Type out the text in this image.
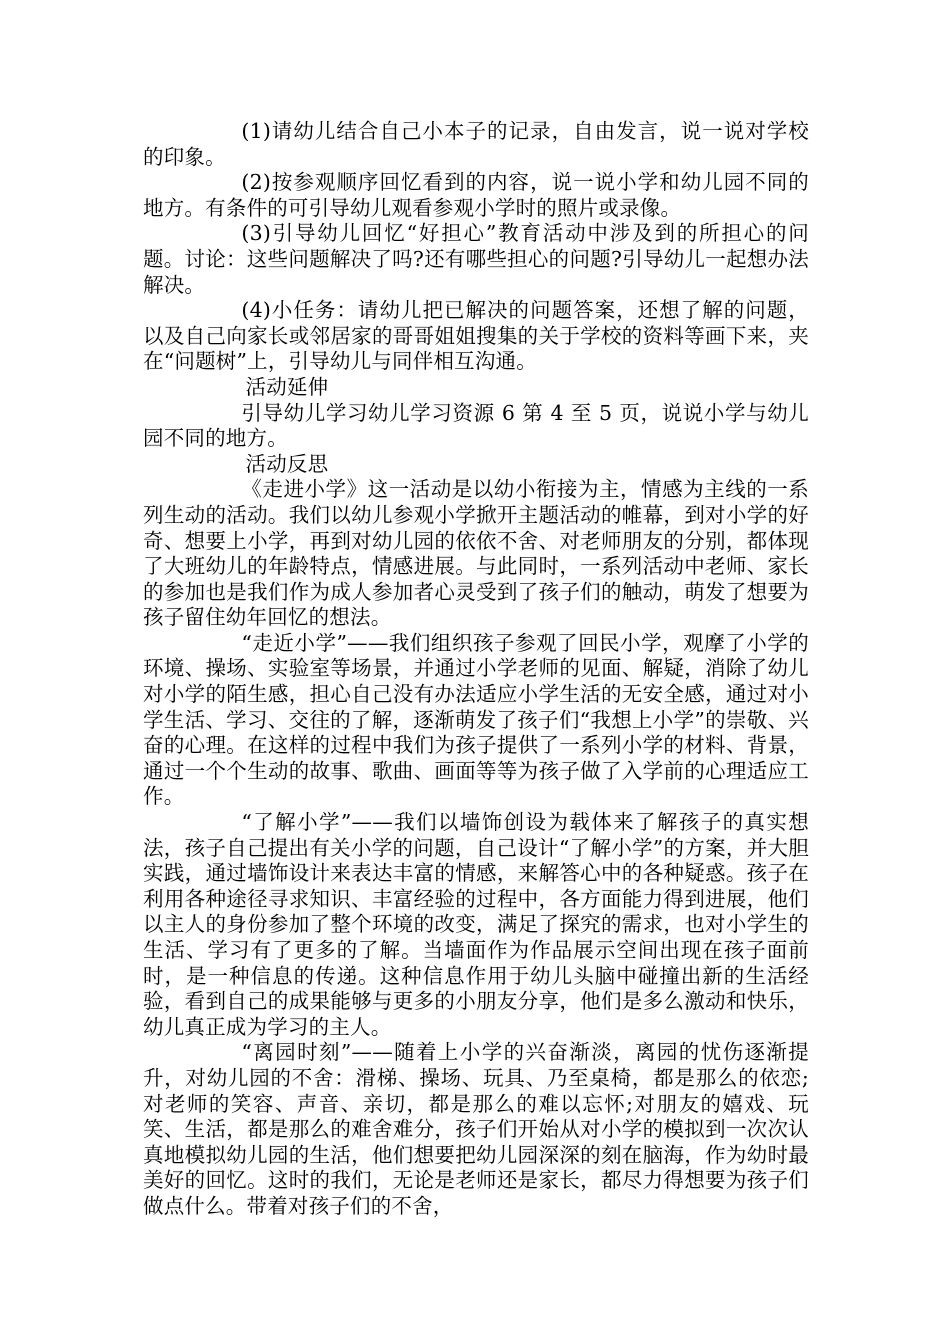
(1)请幼儿结合自己小本子的记录，自由发言，说一说对学校的印象。

(2)按参观顺序回忆看到的内容，说一说小学和幼儿园不同的地方。有条件的可引导幼儿观看参观小学时的照片或录像。

(3)引导幼儿回忆“好担心”教育活动中涉及到的所担心的问题。讨论：这些问题解决了吗?还有哪些担心的问题?引导幼儿一起想办法解决。

(4)小任务：请幼儿把已解决的问题答案，还想了解的问题，以及自己向家长或邻居家的哥哥姐姐搜集的关于学校的资料等画下来，夹在“问题树”上，引导幼儿与同伴相互沟通。

活动延伸

引导幼儿学习幼儿学习资源 6 第 4 至 5 页，说说小学与幼儿园不同的地方。

活动反思

《走进小学》这一活动是以幼小衔接为主，情感为主线的一系列生动的活动。我们以幼儿参观小学掀开主题活动的帷幕，到对小学的好奇、想要上小学，再到对幼儿园的依依不舍、对老师朋友的分别，都体现了大班幼儿的年龄特点，情感进展。与此同时，一系列活动中老师、家长的参加也是我们作为成人参加者心灵受到了孩子们的触动，萌发了想要为孩子留住幼年回忆的想法。

“走近小学”——我们组织孩子参观了回民小学，观摩了小学的环境、操场、实验室等场景，并通过小学老师的见面、解疑，消除了幼儿对小学的陌生感，担心自己没有办法适应小学生活的无安全感，通过对小学生活、学习、交往的了解，逐渐萌发了孩子们“我想上小学”的崇敬、兴奋的心理。在这样的过程中我们为孩子提供了一系列小学的材料、背景，通过一个个生动的故事、歌曲、画面等等为孩子做了入学前的心理适应工作。

“了解小学”——我们以墙饰创设为载体来了解孩子的真实想法，孩子自己提出有关小学的问题，自己设计“了解小学”的方案，并大胆实践，通过墙饰设计来表达丰富的情感，来解答心中的各种疑惑。孩子在利用各种途径寻求知识、丰富经验的过程中，各方面能力得到进展，他们以主人的身份参加了整个环境的改变，满足了探究的需求，也对小学生的生活、学习有了更多的了解。当墙面作为作品展示空间出现在孩子面前时，是一种信息的传递。这种信息作用于幼儿头脑中碰撞出新的生活经验，看到自己的成果能够与更多的小朋友分享，他们是多么激动和快乐，幼儿真正成为学习的主人。

“离园时刻”——随着上小学的兴奋渐淡，离园的忧伤逐渐提升，对幼儿园的不舍：滑梯、操场、玩具、乃至桌椅，都是那么的依恋;对老师的笑容、声音、亲切，都是那么的难以忘怀;对朋友的嬉戏、玩笑、生活，都是那么的难舍难分，孩子们开始从对小学的模拟到一次次认真地模拟幼儿园的生活，他们想要把幼儿园深深的刻在脑海，作为幼时最美好的回忆。这时的我们，无论是老师还是家长，都尽力得想要为孩子们做点什么。带着对孩子们的不舍，
